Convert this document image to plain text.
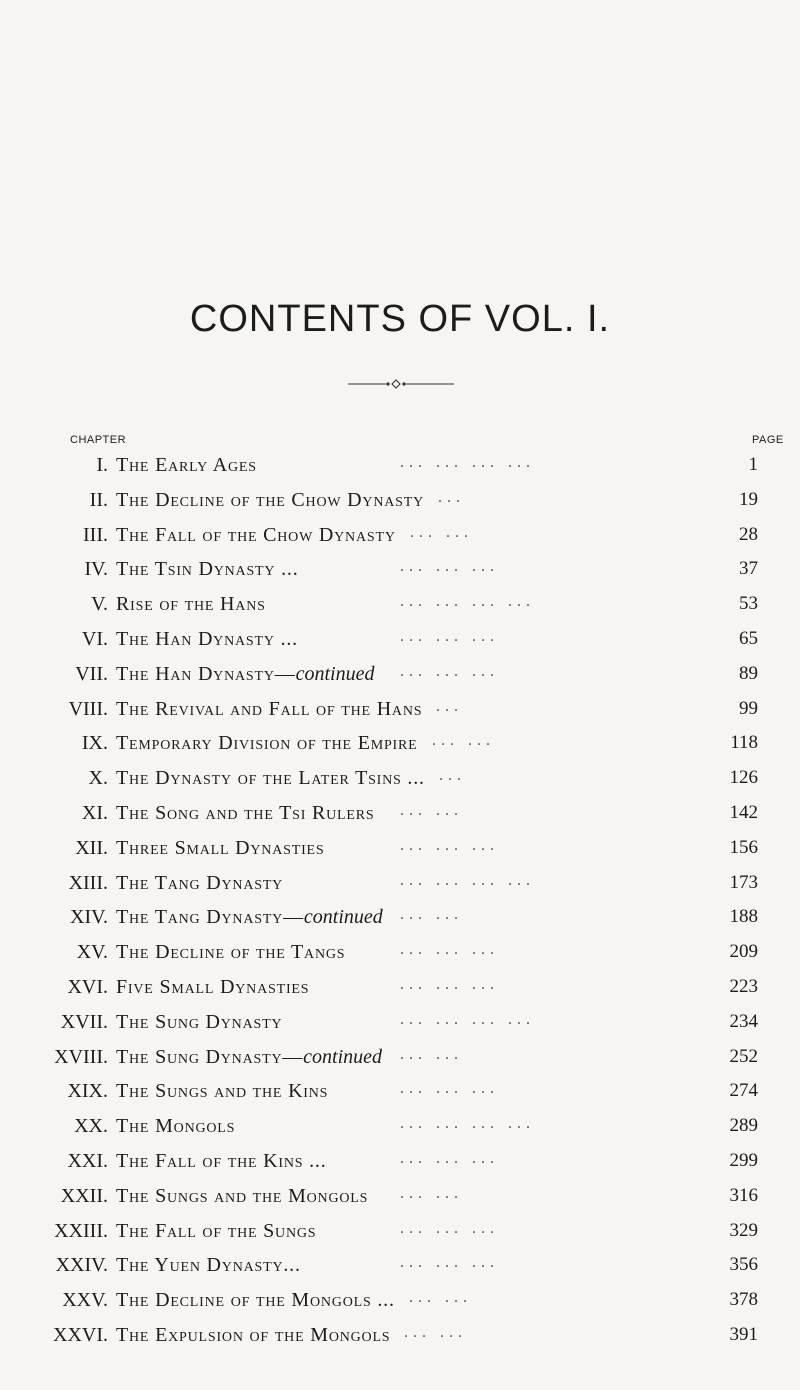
CONTENTS OF VOL. I.
CHAPTER	PAGE
I. The Early Ages	... ... ... ...	1
II. The Decline of the Chow Dynasty ...	19
III. The Fall of the Chow Dynasty ... ...	28
IV. The Tsin Dynasty ...	... ... ...	37
V. Rise of the Hans	... ... ... ...	53
VI. The Han Dynasty ...	... ... ...	65
VII. The Han Dynasty—continued ... ... ...	89
VIII. The Revival and Fall of the Hans ...	99
IX. Temporary Division of the Empire ... ...	118
X. The Dynasty of the Later Tsins ... ...	126
XI. The Song and the Tsi Rulers ... ...	142
XII. Three Small Dynasties	... ... ...	156
XIII. The Tang Dynasty	... ... ... ...	173
XIV. The Tang Dynasty—continued ... ...	188
XV. The Decline of the Tangs	... ... ...	209
XVI. Five Small Dynasties	... ... ...	223
XVII. The Sung Dynasty	... ... ... ...	234
XVIII. The Sung Dynasty—continued ... ...	252
XIX. The Sungs and the Kins	... ... ...	274
XX. The Mongols	... ... ... ...	289
XXI. The Fall of the Kins ...	... ... ...	299
XXII. The Sungs and the Mongols ... ...	316
XXIII. The Fall of the Sungs	... ... ...	329
XXIV. The Yuen Dynasty...	... ... ...	356
XXV. The Decline of the Mongols ... ... ...	378
XXVI. The Expulsion of the Mongols ... ...	391
